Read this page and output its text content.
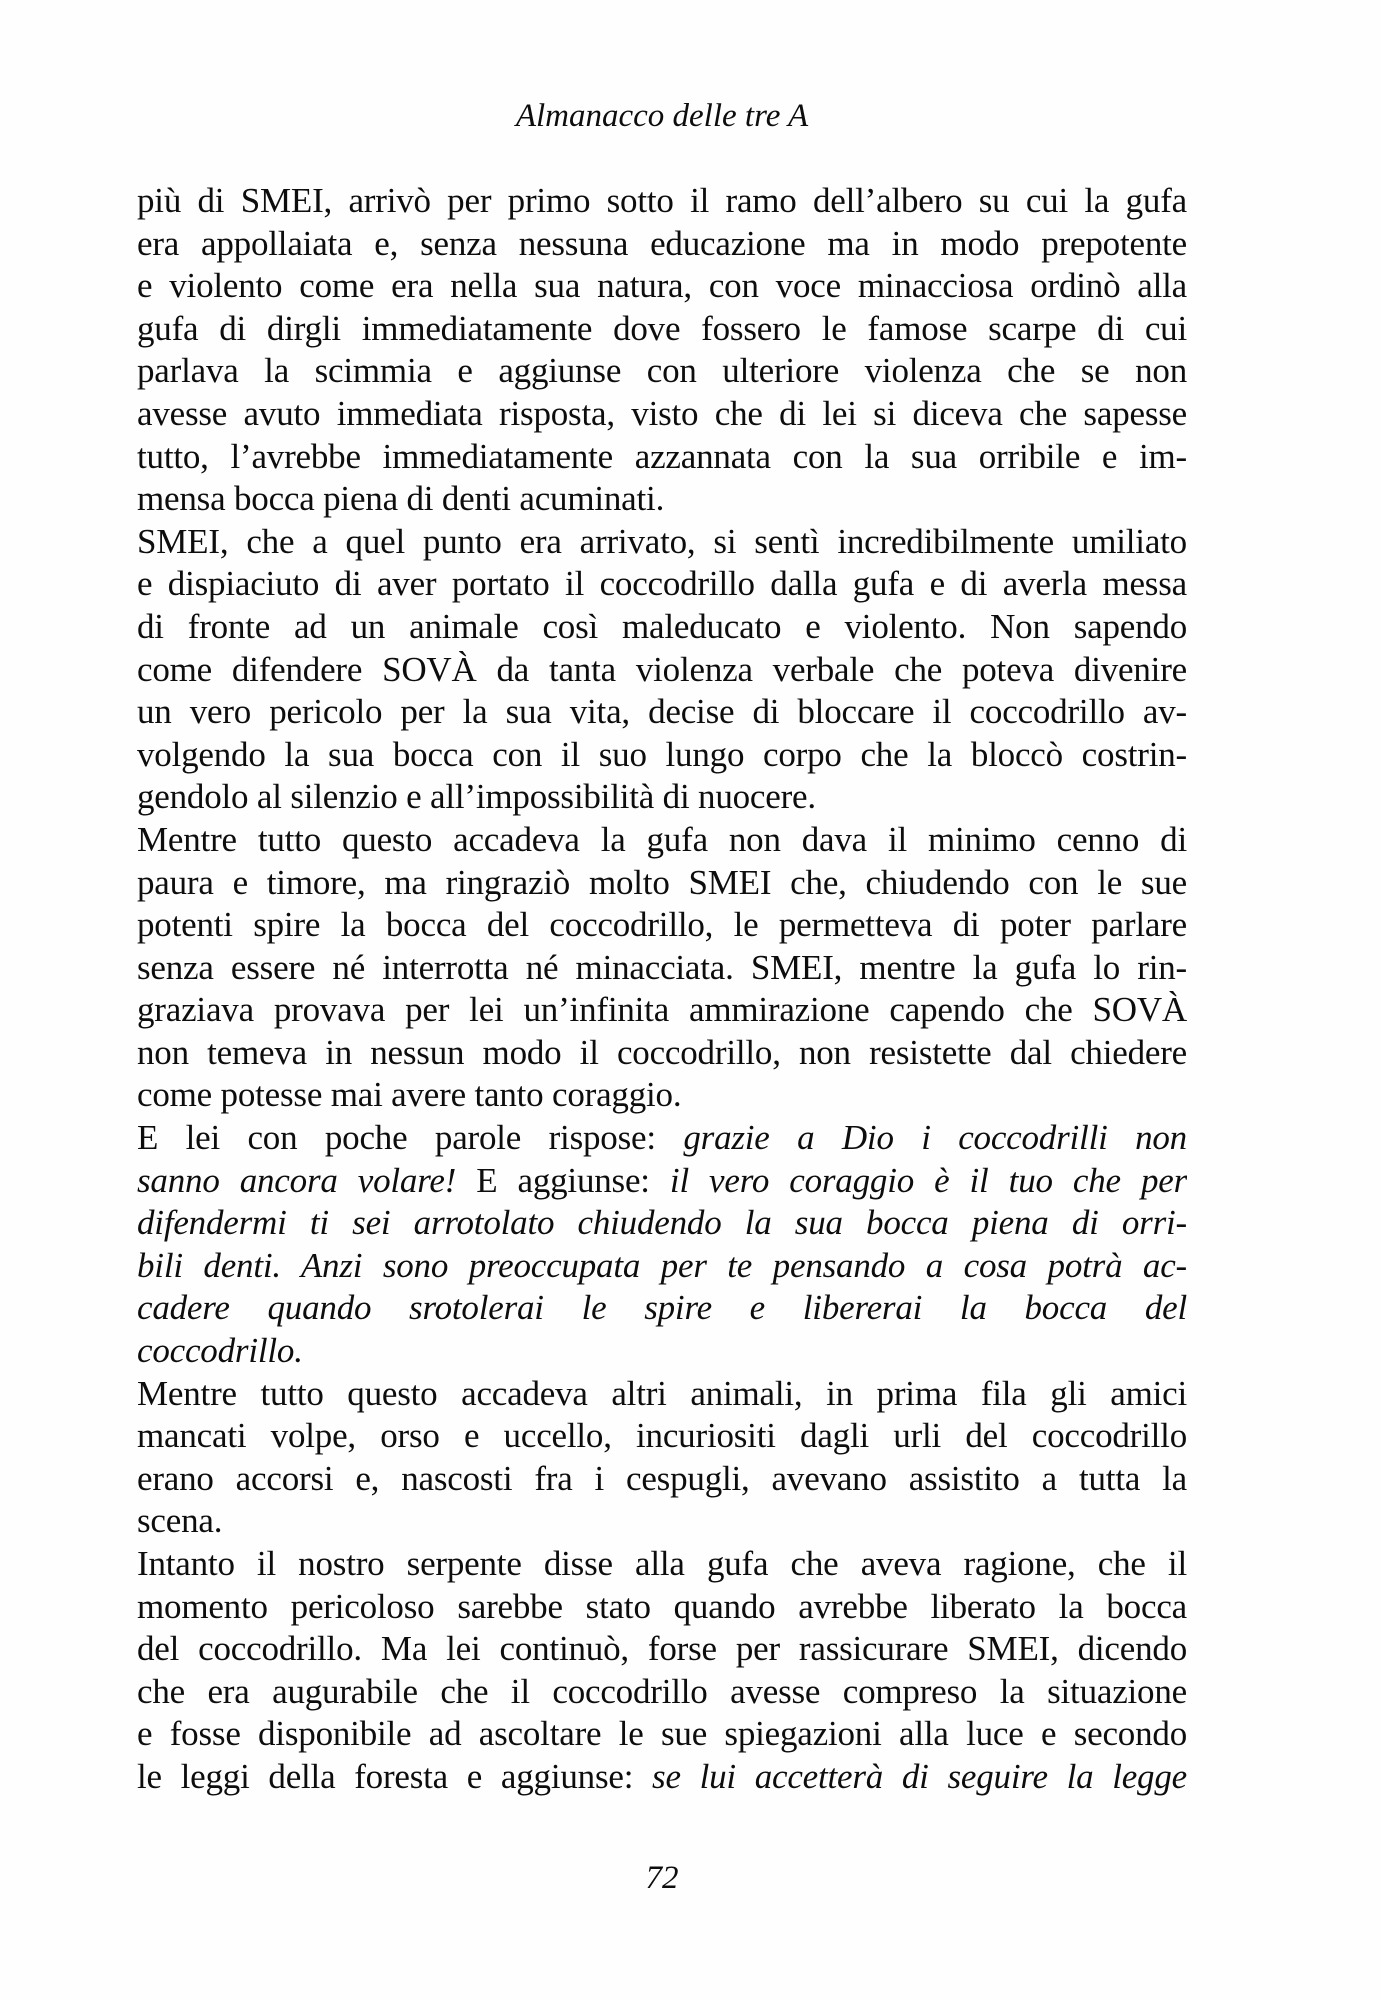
Almanacco delle tre A
più di SMEI, arrivò per primo sotto il ramo dell’albero su cui la gufa
era appollaiata e, senza nessuna educazione ma in modo prepotente
e violento come era nella sua natura, con voce minacciosa ordinò alla
gufa di dirgli immediatamente dove fossero le famose scarpe di cui
parlava la scimmia e aggiunse con ulteriore violenza che se non
avesse avuto immediata risposta, visto che di lei si diceva che sapesse
tutto, l’avrebbe immediatamente azzannata con la sua orribile e im-
mensa bocca piena di denti acuminati.
SMEI, che a quel punto era arrivato, si sentì incredibilmente umiliato
e dispiaciuto di aver portato il coccodrillo dalla gufa e di averla messa
di fronte ad un animale così maleducato e violento. Non sapendo
come difendere SOVÀ da tanta violenza verbale che poteva divenire
un vero pericolo per la sua vita, decise di bloccare il coccodrillo av-
volgendo la sua bocca con il suo lungo corpo che la bloccò costrin-
gendolo al silenzio e all’impossibilità di nuocere.
Mentre tutto questo accadeva la gufa non dava il minimo cenno di
paura e timore, ma ringraziò molto SMEI che, chiudendo con le sue
potenti spire la bocca del coccodrillo, le permetteva di poter parlare
senza essere né interrotta né minacciata. SMEI, mentre la gufa lo rin-
graziava provava per lei un’infinita ammirazione capendo che SOVÀ
non temeva in nessun modo il coccodrillo, non resistette dal chiedere
come potesse mai avere tanto coraggio.
E lei con poche parole rispose: grazie a Dio i coccodrilli non
sanno ancora volare! E aggiunse: il vero coraggio è il tuo che per
difendermi ti sei arrotolato chiudendo la sua bocca piena di orri-
bili denti. Anzi sono preoccupata per te pensando a cosa potrà ac-
cadere quando srotolerai le spire e libererai la bocca del
coccodrillo.
Mentre tutto questo accadeva altri animali, in prima fila gli amici
mancati volpe, orso e uccello, incuriositi dagli urli del coccodrillo
erano accorsi e, nascosti fra i cespugli, avevano assistito a tutta la
scena.
Intanto il nostro serpente disse alla gufa che aveva ragione, che il
momento pericoloso sarebbe stato quando avrebbe liberato la bocca
del coccodrillo. Ma lei continuò, forse per rassicurare SMEI, dicendo
che era augurabile che il coccodrillo avesse compreso la situazione
e fosse disponibile ad ascoltare le sue spiegazioni alla luce e secondo
le leggi della foresta e aggiunse: se lui accetterà di seguire la legge
72
